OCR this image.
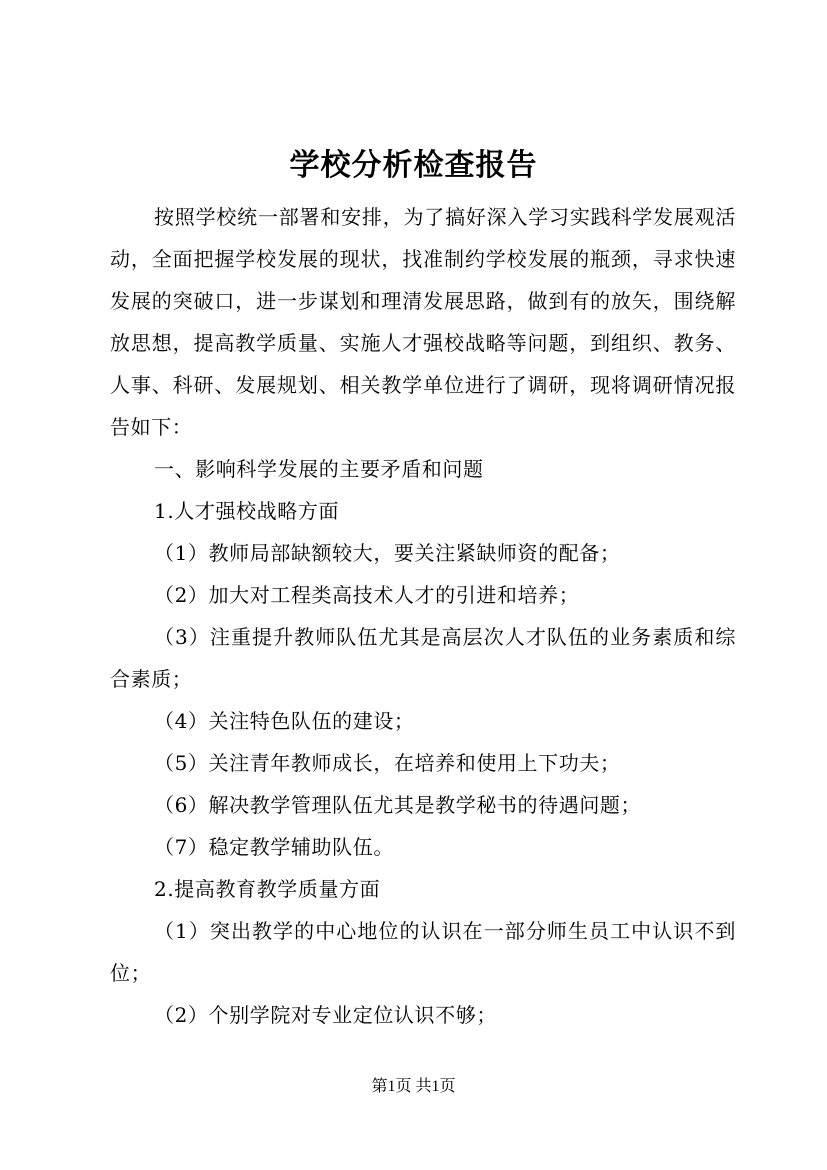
学校分析检查报告

按照学校统一部署和安排，为了搞好深入学习实践科学发展观活动，全面把握学校发展的现状，找准制约学校发展的瓶颈，寻求快速发展的突破口，进一步谋划和理清发展思路，做到有的放矢，围绕解放思想，提高教学质量、实施人才强校战略等问题，到组织、教务、人事、科研、发展规划、相关教学单位进行了调研，现将调研情况报告如下：

一、影响科学发展的主要矛盾和问题

1.人才强校战略方面

（1）教师局部缺额较大，要关注紧缺师资的配备；

（2）加大对工程类高技术人才的引进和培养；

（3）注重提升教师队伍尤其是高层次人才队伍的业务素质和综合素质；

（4）关注特色队伍的建设；

（5）关注青年教师成长，在培养和使用上下功夫；

（6）解决教学管理队伍尤其是教学秘书的待遇问题；

（7）稳定教学辅助队伍。

2.提高教育教学质量方面

（1）突出教学的中心地位的认识在一部分师生员工中认识不到位；

（2）个别学院对专业定位认识不够；

第1页 共1页
